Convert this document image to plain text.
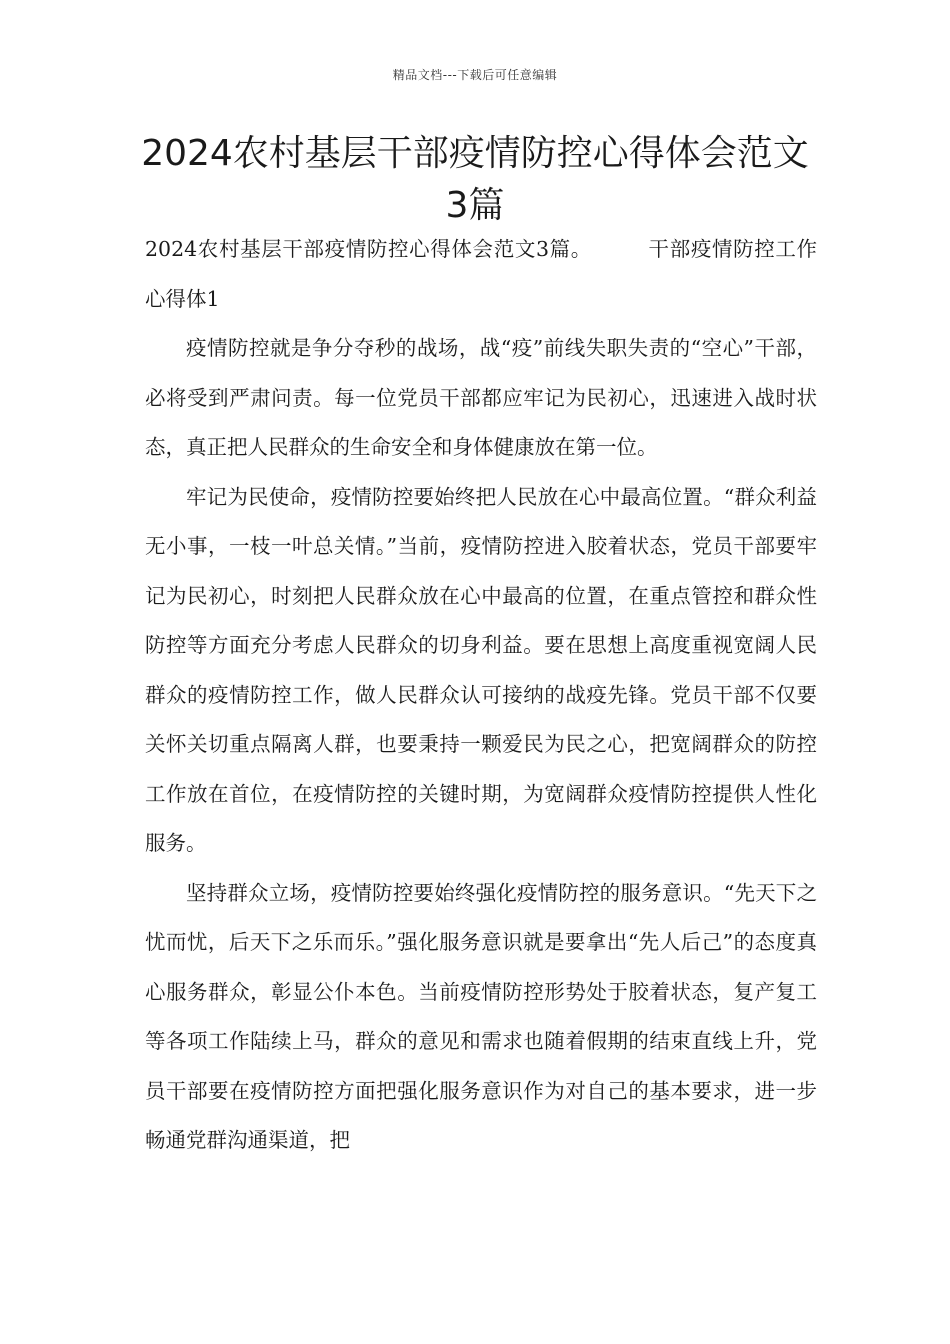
精品文档---下载后可任意编辑
2024农村基层干部疫情防控心得体会范文3篇

2024农村基层干部疫情防控心得体会范文3篇。	干部疫情防控工作心得体1

疫情防控就是争分夺秒的战场，战“疫”前线失职失责的“空心”干部，必将受到严肃问责。每一位党员干部都应牢记为民初心，迅速进入战时状态，真正把人民群众的生命安全和身体健康放在第一位。

牢记为民使命，疫情防控要始终把人民放在心中最高位置。“群众利益无小事，一枝一叶总关情。”当前，疫情防控进入胶着状态，党员干部要牢记为民初心，时刻把人民群众放在心中最高的位置，在重点管控和群众性防控等方面充分考虑人民群众的切身利益。要在思想上高度重视宽阔人民群众的疫情防控工作，做人民群众认可接纳的战疫先锋。党员干部不仅要关怀关切重点隔离人群，也要秉持一颗爱民为民之心，把宽阔群众的防控工作放在首位，在疫情防控的关键时期，为宽阔群众疫情防控提供人性化服务。

坚持群众立场，疫情防控要始终强化疫情防控的服务意识。“先天下之忧而忧，后天下之乐而乐。”强化服务意识就是要拿出“先人后己”的态度真心服务群众，彰显公仆本色。当前疫情防控形势处于胶着状态，复产复工等各项工作陆续上马，群众的意见和需求也随着假期的结束直线上升，党员干部要在疫情防控方面把强化服务意识作为对自己的基本要求，进一步畅通党群沟通渠道，把
